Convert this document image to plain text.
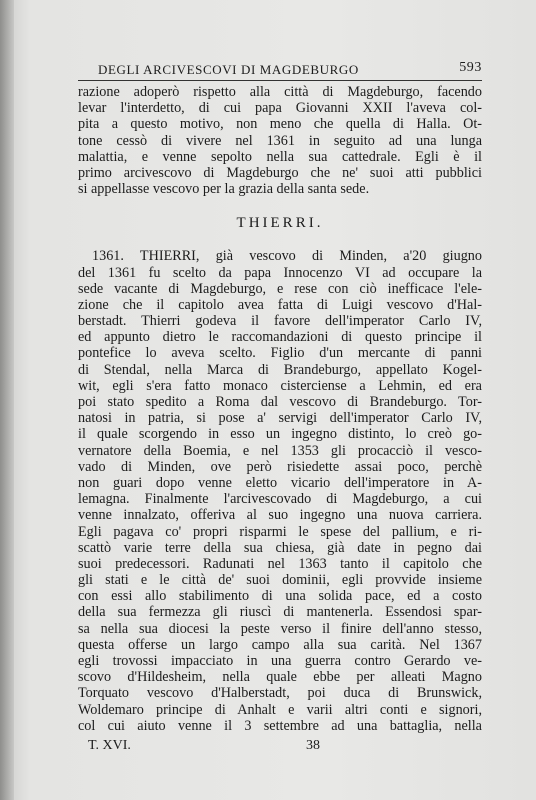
DEGLI ARCIVESCOVI DI MAGDEBURGO	593
razione adoperò rispetto alla città di Magdeburgo, facendo
levar l'interdetto, di cui papa Giovanni XXII l'aveva col-
pita a questo motivo, non meno che quella di Halla. Ot-
tone cessò di vivere nel 1361 in seguito ad una lunga
malattia, e venne sepolto nella sua cattedrale. Egli è il
primo arcivescovo di Magdeburgo che ne' suoi atti pubblici
si appellasse vescovo per la grazia della santa sede.
THIERRI.
1361. THIERRI, già vescovo di Minden, a'20 giugno
del 1361 fu scelto da papa Innocenzo VI ad occupare la
sede vacante di Magdeburgo, e rese con ciò inefficace l'ele-
zione che il capitolo avea fatta di Luigi vescovo d'Hal-
berstadt. Thierri godeva il favore dell'imperator Carlo IV,
ed appunto dietro le raccomandazioni di questo principe il
pontefice lo aveva scelto. Figlio d'un mercante di panni
di Stendal, nella Marca di Brandeburgo, appellato Kogel-
wit, egli s'era fatto monaco cisterciense a Lehmin, ed era
poi stato spedito a Roma dal vescovo di Brandeburgo. Tor-
natosi in patria, si pose a' servigi dell'imperator Carlo IV,
il quale scorgendo in esso un ingegno distinto, lo creò go-
vernatore della Boemia, e nel 1353 gli procacciò il vesco-
vado di Minden, ove però risiedette assai poco, perchè
non guari dopo venne eletto vicario dell'imperatore in A-
lemagna. Finalmente l'arcivescovado di Magdeburgo, a cui
venne innalzato, offeriva al suo ingegno una nuova carriera.
Egli pagava co' propri risparmi le spese del pallium, e ri-
scattò varie terre della sua chiesa, già date in pegno dai
suoi predecessori. Radunati nel 1363 tanto il capitolo che
gli stati e le città de' suoi dominii, egli provvide insieme
con essi allo stabilimento di una solida pace, ed a costo
della sua fermezza gli riuscì di mantenerla. Essendosi spar-
sa nella sua diocesi la peste verso il finire dell'anno stesso,
questa offerse un largo campo alla sua carità. Nel 1367
egli trovossi impacciato in una guerra contro Gerardo ve-
scovo d'Hildesheim, nella quale ebbe per alleati Magno
Torquato vescovo d'Halberstadt, poi duca di Brunswick,
Woldemaro principe di Anhalt e varii altri conti e signori,
col cui aiuto venne il 3 settembre ad una battaglia, nella
T. XVI.	38
